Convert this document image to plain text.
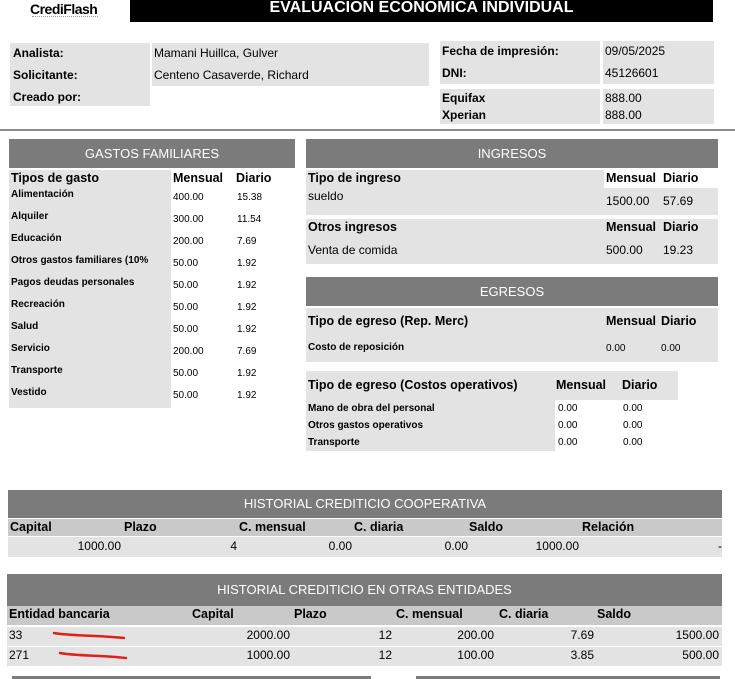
CrediFlash	EVALUACIÓN ECONÓMICA INDIVIDUAL
Analista:	Mamani Huillca, Gulver
Solicitante:	Centeno Casaverde, Richard
Creado por:
Fecha de impresión:	09/05/2025
DNI:	45126601
Equifax	888.00
Xperian	888.00
GASTOS FAMILIARES
Tipos de gasto	Mensual Diario
Alimentación	400.00	15.38
Alquiler	300.00	11.54
Educación	200.00	7.69
Otros gastos familiares (10%	50.00	1.92
Pagos deudas personales	50.00	1.92
Recreación	50.00	1.92
Salud	50.00	1.92
Servicio	200.00	7.69
Transporte	50.00	1.92
Vestido	50.00	1.92
INGRESOS
Tipo de ingreso	Mensual Diario
sueldo	1500.00 57.69
Otros ingresos	Mensual Diario
Venta de comida	500.00 19.23
EGRESOS
Tipo de egreso (Rep. Merc)	Mensual Diario
Costo de reposición	0.00	0.00
Tipo de egreso (Costos operativos)	Mensual Diario
Mano de obra del personal	0.00	0.00
Otros gastos operativos	0.00	0.00
Transporte	0.00	0.00
HISTORIAL CREDITICIO COOPERATIVA
Capital	Plazo	C. mensual	C. diaria	Saldo	Relación
1000.00	4	0.00	0.00	1000.00	-
HISTORIAL CREDITICIO EN OTRAS ENTIDADES
Entidad bancaria	Capital	Plazo	C. mensual	C. diaria	Saldo
33	2000.00	12	200.00	7.69	1500.00
271	1000.00	12	100.00	3.85	500.00
